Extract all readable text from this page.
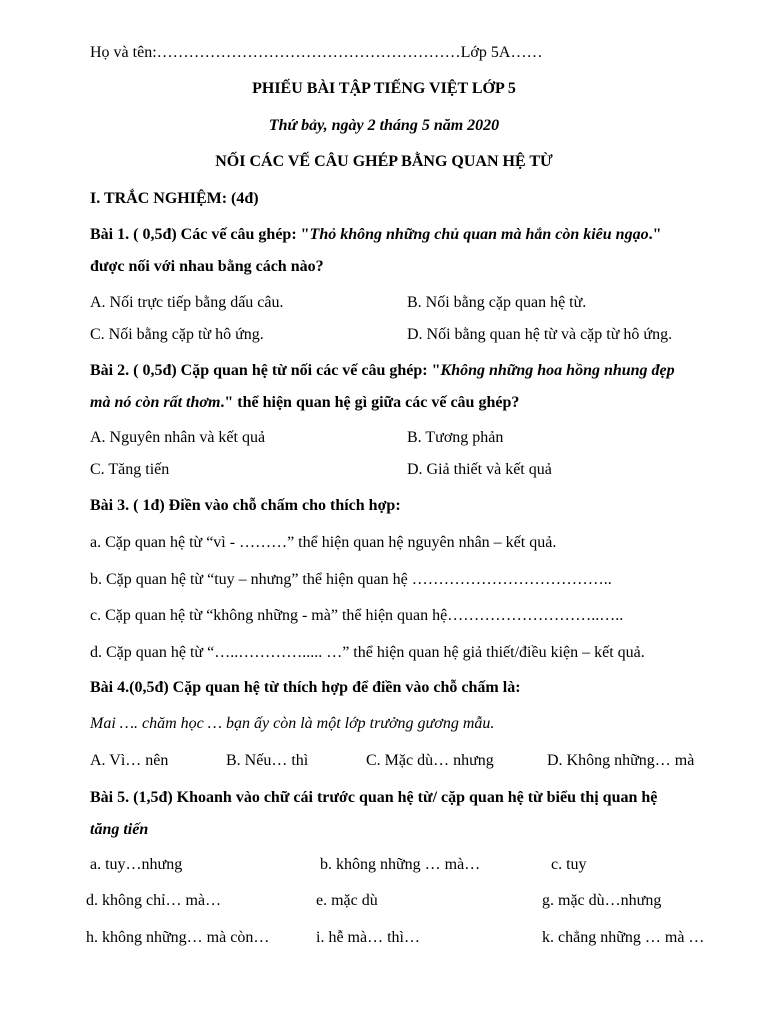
Họ và tên:…………………………………………………Lớp 5A……
PHIẾU BÀI TẬP TIẾNG VIỆT LỚP 5
Thứ bảy, ngày 2 tháng 5 năm 2020
NỐI CÁC VẾ CÂU GHÉP BẰNG QUAN HỆ TỪ
I. TRẮC NGHIỆM: (4đ)
Bài 1. ( 0,5đ) Các vế câu ghép: "Thỏ không những chủ quan mà hắn còn kiêu ngạo."
được nối với nhau bằng cách nào?
A. Nối trực tiếp bằng dấu câu.	B. Nối bằng cặp quan hệ từ.
C. Nối bằng cặp từ hô ứng.	D. Nối bằng quan hệ từ và cặp từ hô ứng.
Bài 2. ( 0,5đ) Cặp quan hệ từ nối các vế câu ghép: "Không những hoa hồng nhung đẹp
mà nó còn rất thơm." thể hiện quan hệ gì giữa các vế câu ghép?
A. Nguyên nhân và kết quả	B. Tương phản
C. Tăng tiến	D. Giả thiết và kết quả
Bài 3. ( 1đ) Điền vào chỗ chấm cho thích hợp:
a. Cặp quan hệ từ “vì - ………” thể hiện quan hệ nguyên nhân – kết quả.
b. Cặp quan hệ từ “tuy – nhưng” thể hiện quan hệ ………………………………..
c. Cặp quan hệ từ “không những - mà” thể hiện quan hệ………………………..…..
d. Cặp quan hệ từ “…..…………..... …” thể hiện quan hệ giả thiết/điều kiện – kết quả.
Bài 4.(0,5đ) Cặp quan hệ từ thích hợp để điền vào chỗ chấm là:
Mai …. chăm học … bạn ấy còn là một lớp trưởng gương mẫu.
A. Vì… nên	B. Nếu… thì	C. Mặc dù… nhưng	D. Không những… mà
Bài 5. (1,5đ) Khoanh vào chữ cái trước quan hệ từ/ cặp quan hệ từ biểu thị quan hệ
tăng tiến
a. tuy…nhưng	b. không những … mà…	c. tuy
d. không chỉ… mà…	e. mặc dù	g. mặc dù…nhưng
h. không những… mà còn…	i. hễ mà… thì…	k. chẳng những … mà …
